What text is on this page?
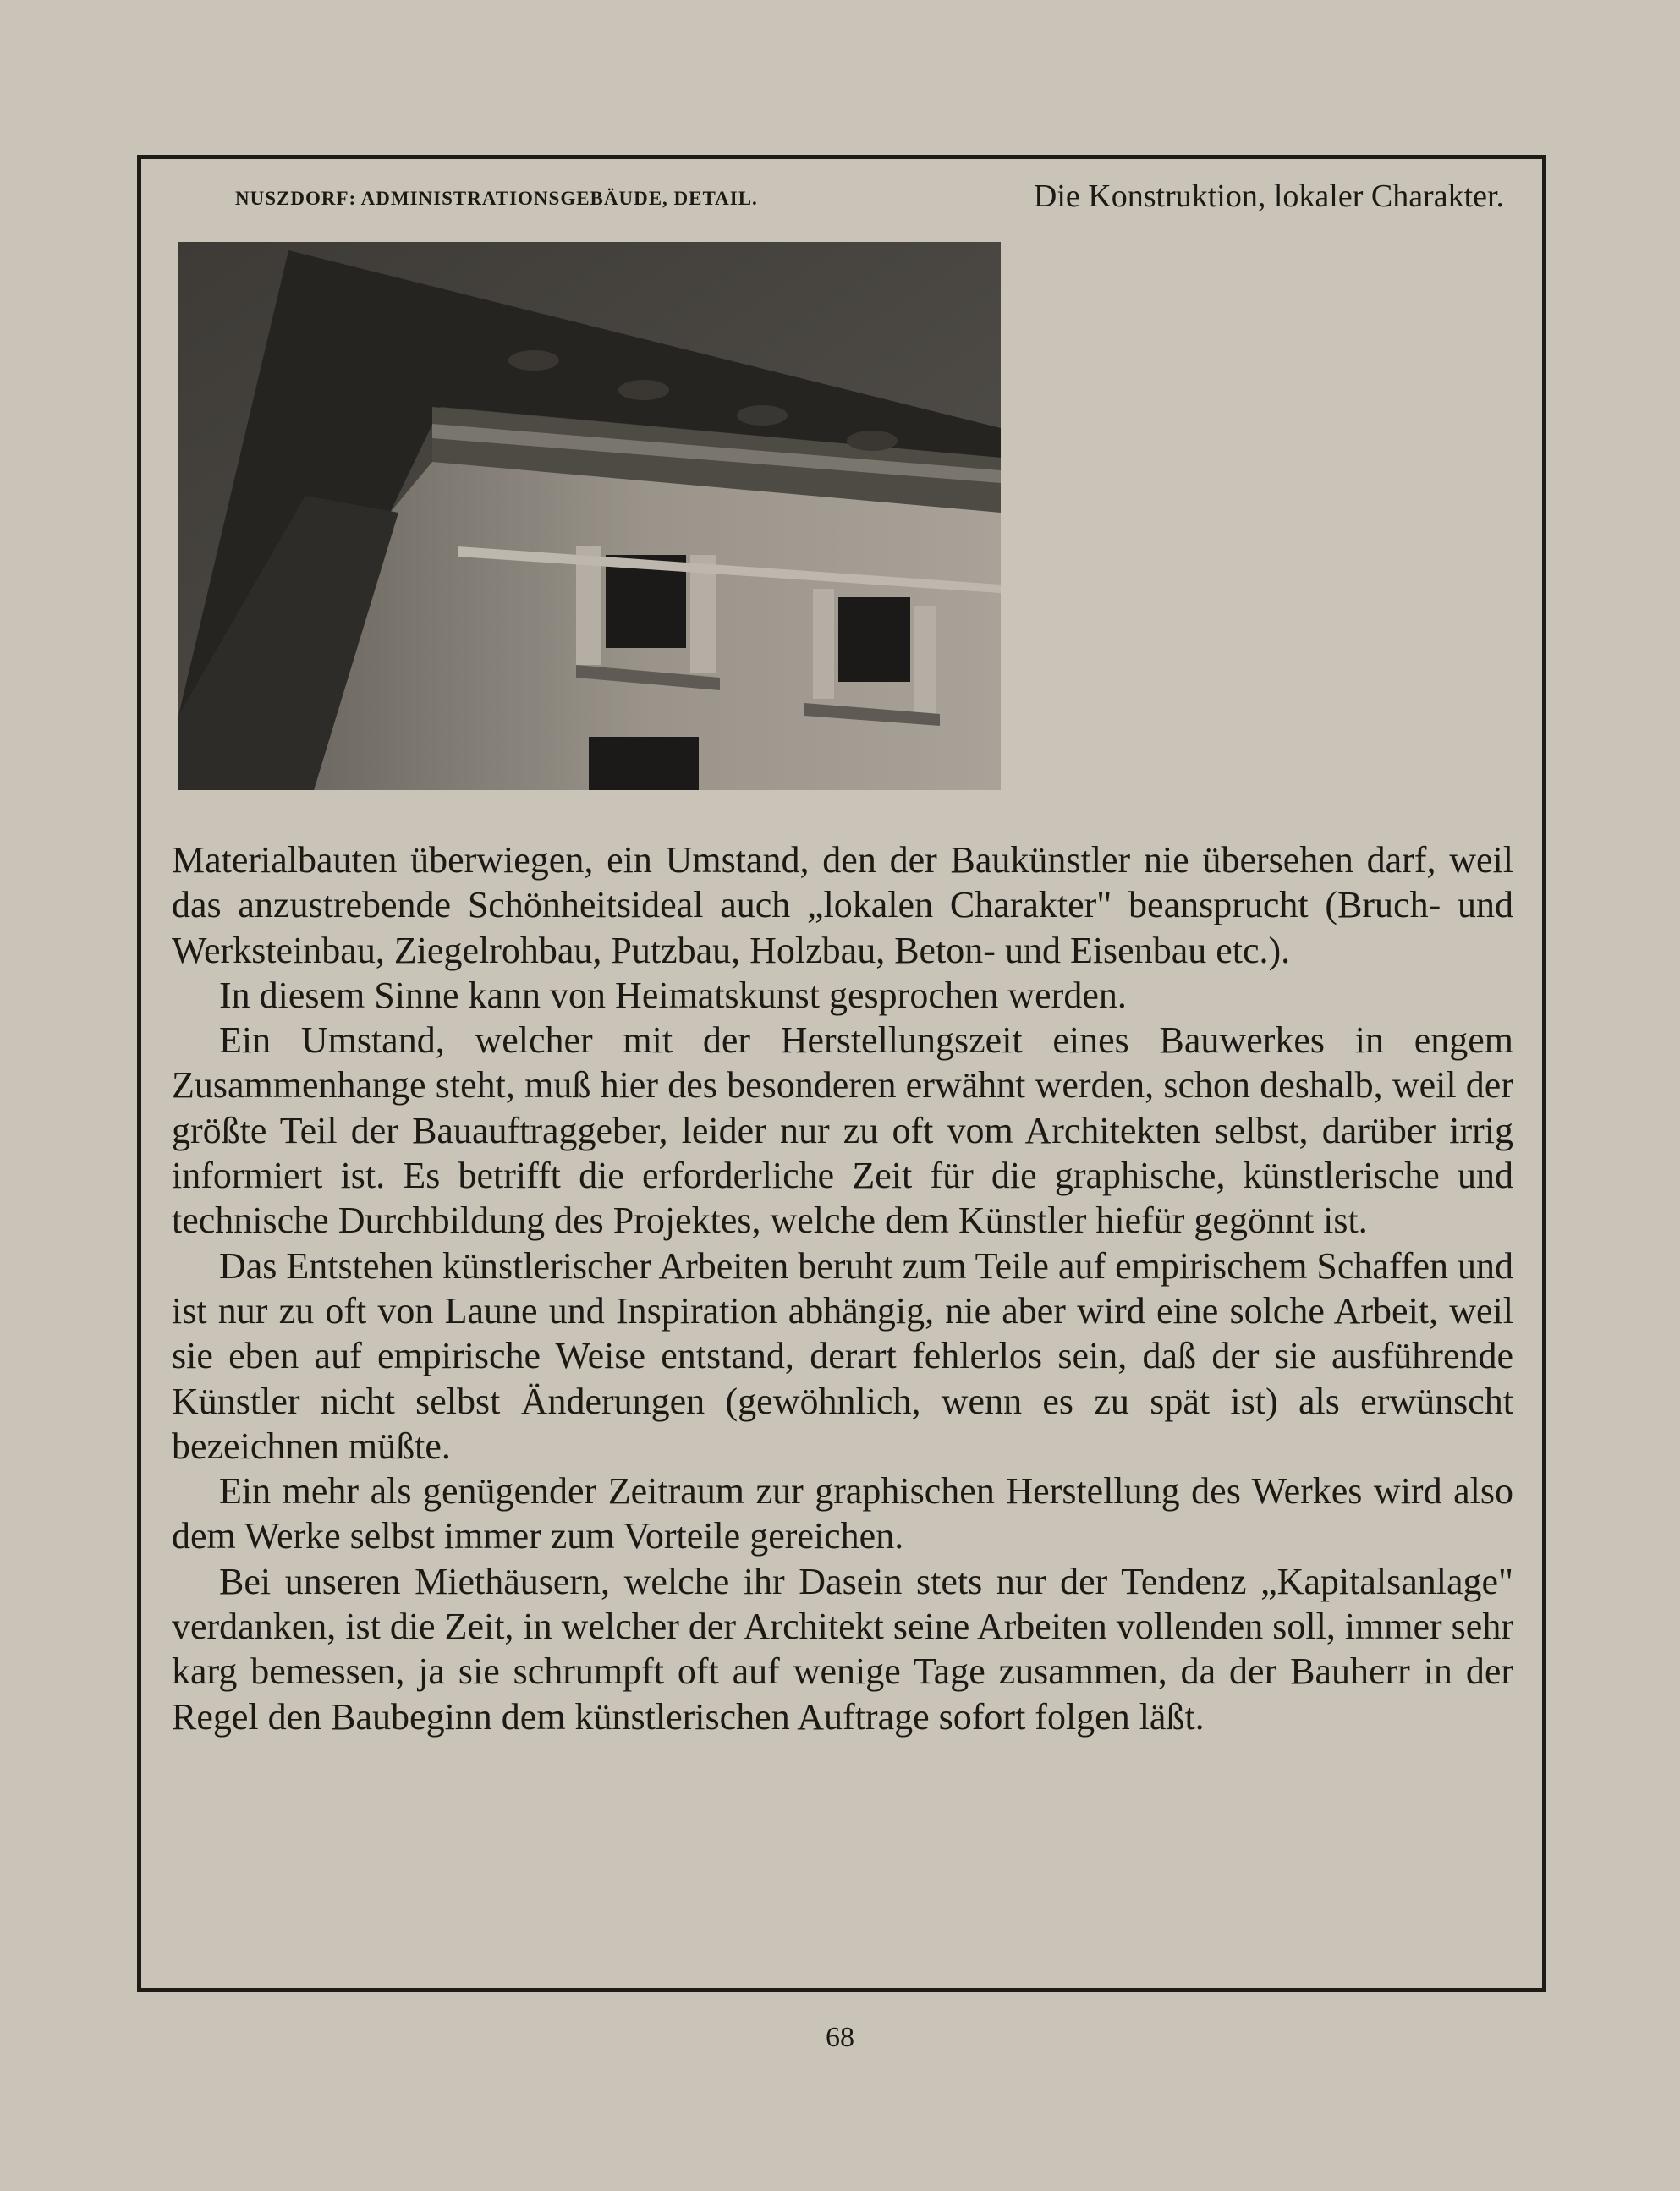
NUSZDORF: ADMINISTRATIONSGEBÄUDE, DETAIL.	Die Konstruktion, lokaler Charakter.

Materialbauten überwiegen, ein Umstand, den der Baukünstler nie übersehen darf, weil das anzustrebende Schönheitsideal auch „lokalen Charakter" beansprucht (Bruch- und Werksteinbau, Ziegelrohbau, Putzbau, Holzbau, Beton- und Eisenbau etc.).

In diesem Sinne kann von Heimatskunst gesprochen werden.

Ein Umstand, welcher mit der Herstellungszeit eines Bauwerkes in engem Zusammenhange steht, muß hier des besonderen erwähnt werden, schon deshalb, weil der größte Teil der Bauauftraggeber, leider nur zu oft vom Architekten selbst, darüber irrig informiert ist. Es betrifft die erforderliche Zeit für die graphische, künstlerische und technische Durchbildung des Projektes, welche dem Künstler hiefür gegönnt ist.

Das Entstehen künstlerischer Arbeiten beruht zum Teile auf empirischem Schaffen und ist nur zu oft von Laune und Inspiration abhängig, nie aber wird eine solche Arbeit, weil sie eben auf empirische Weise entstand, derart fehlerlos sein, daß der sie ausführende Künstler nicht selbst Änderungen (gewöhnlich, wenn es zu spät ist) als erwünscht bezeichnen müßte.

Ein mehr als genügender Zeitraum zur graphischen Herstellung des Werkes wird also dem Werke selbst immer zum Vorteile gereichen.

Bei unseren Miethäusern, welche ihr Dasein stets nur der Tendenz „Kapitalsanlage" verdanken, ist die Zeit, in welcher der Architekt seine Arbeiten vollenden soll, immer sehr karg bemessen, ja sie schrumpft oft auf wenige Tage zusammen, da der Bauherr in der Regel den Baubeginn dem künstlerischen Auftrage sofort folgen läßt.

68
